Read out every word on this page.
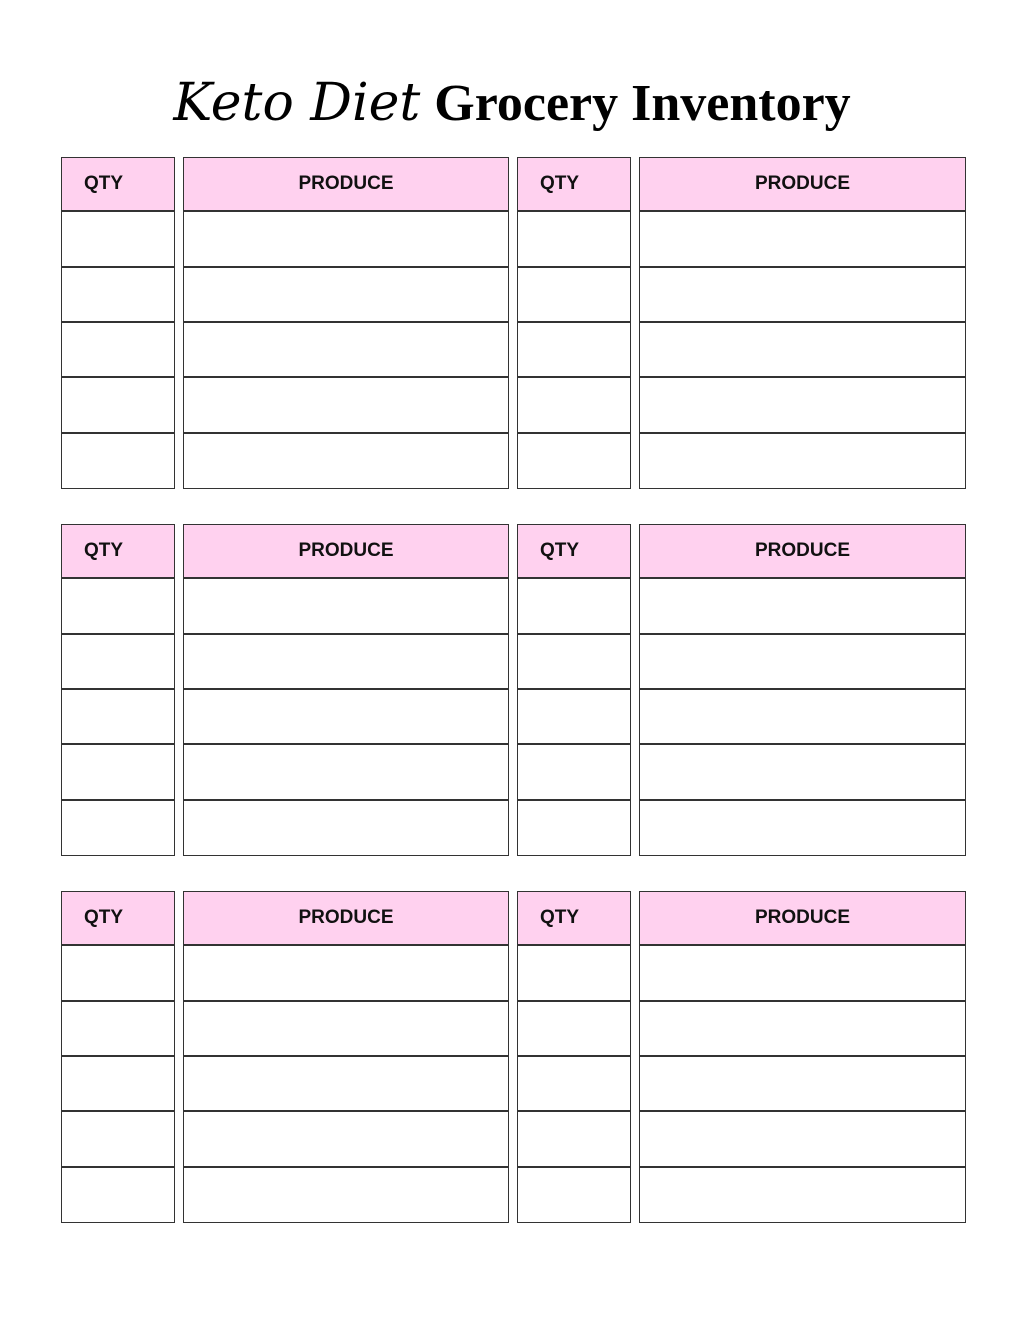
Keto Diet Grocery Inventory
QTY	PRODUCE	QTY	PRODUCE
QTY	PRODUCE	QTY	PRODUCE
QTY	PRODUCE	QTY	PRODUCE
